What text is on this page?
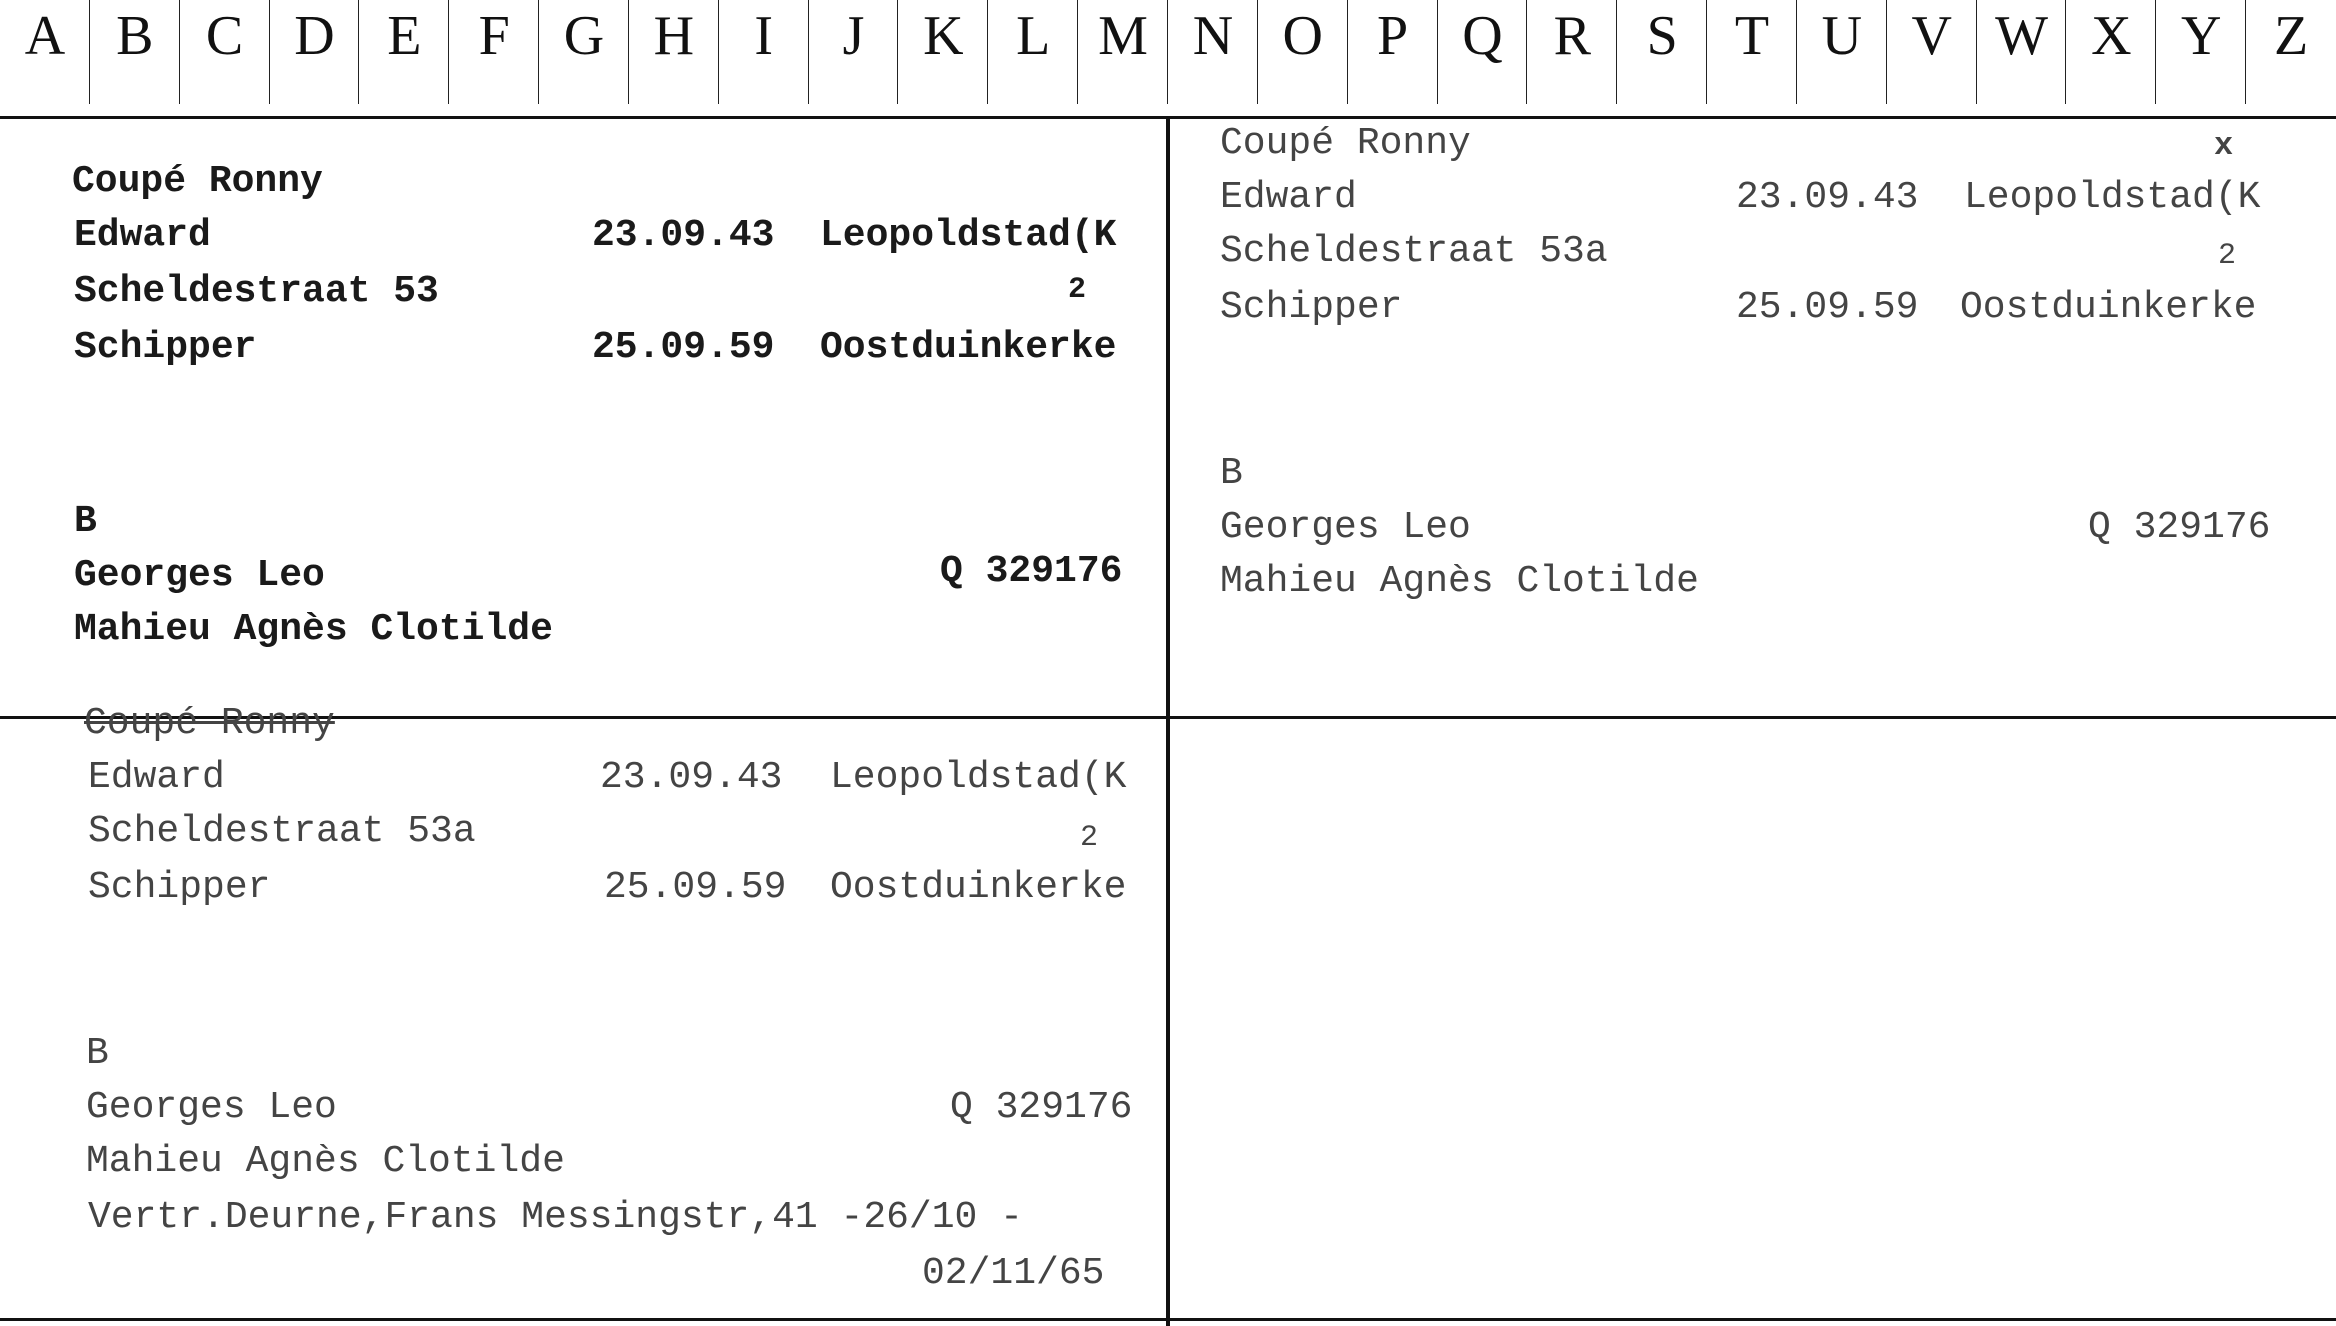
A B C D E	F G H	I	J	K L M N O P Q R S	T U V W X Y Z
Coupé Ronny
Edward	23.09.43 Leopoldstad(K
Scheldestraat 53	2
Schipper	25.09.59 Oostduinkerke
B
Georges Leo	Q 329176
Mahieu Agnès Clotilde
Coupé Ronny	x
Edward	23.09.43 Leopoldstad(K
Scheldestraat 53a	2
Schipper	25.09.59 Oostduinkerke
B
Georges Leo	Q 329176
Mahieu Agnès Clotilde
Coupé Ronny
Edward	23.09.43 Leopoldstad(K
Scheldestraat 53a	2
Schipper	25.09.59 Oostduinkerke
B
Georges Leo	Q 329176
Mahieu Agnès Clotilde
Vertr.Deurne,Frans Messingstr,41 -26/10 -
02/11/65
